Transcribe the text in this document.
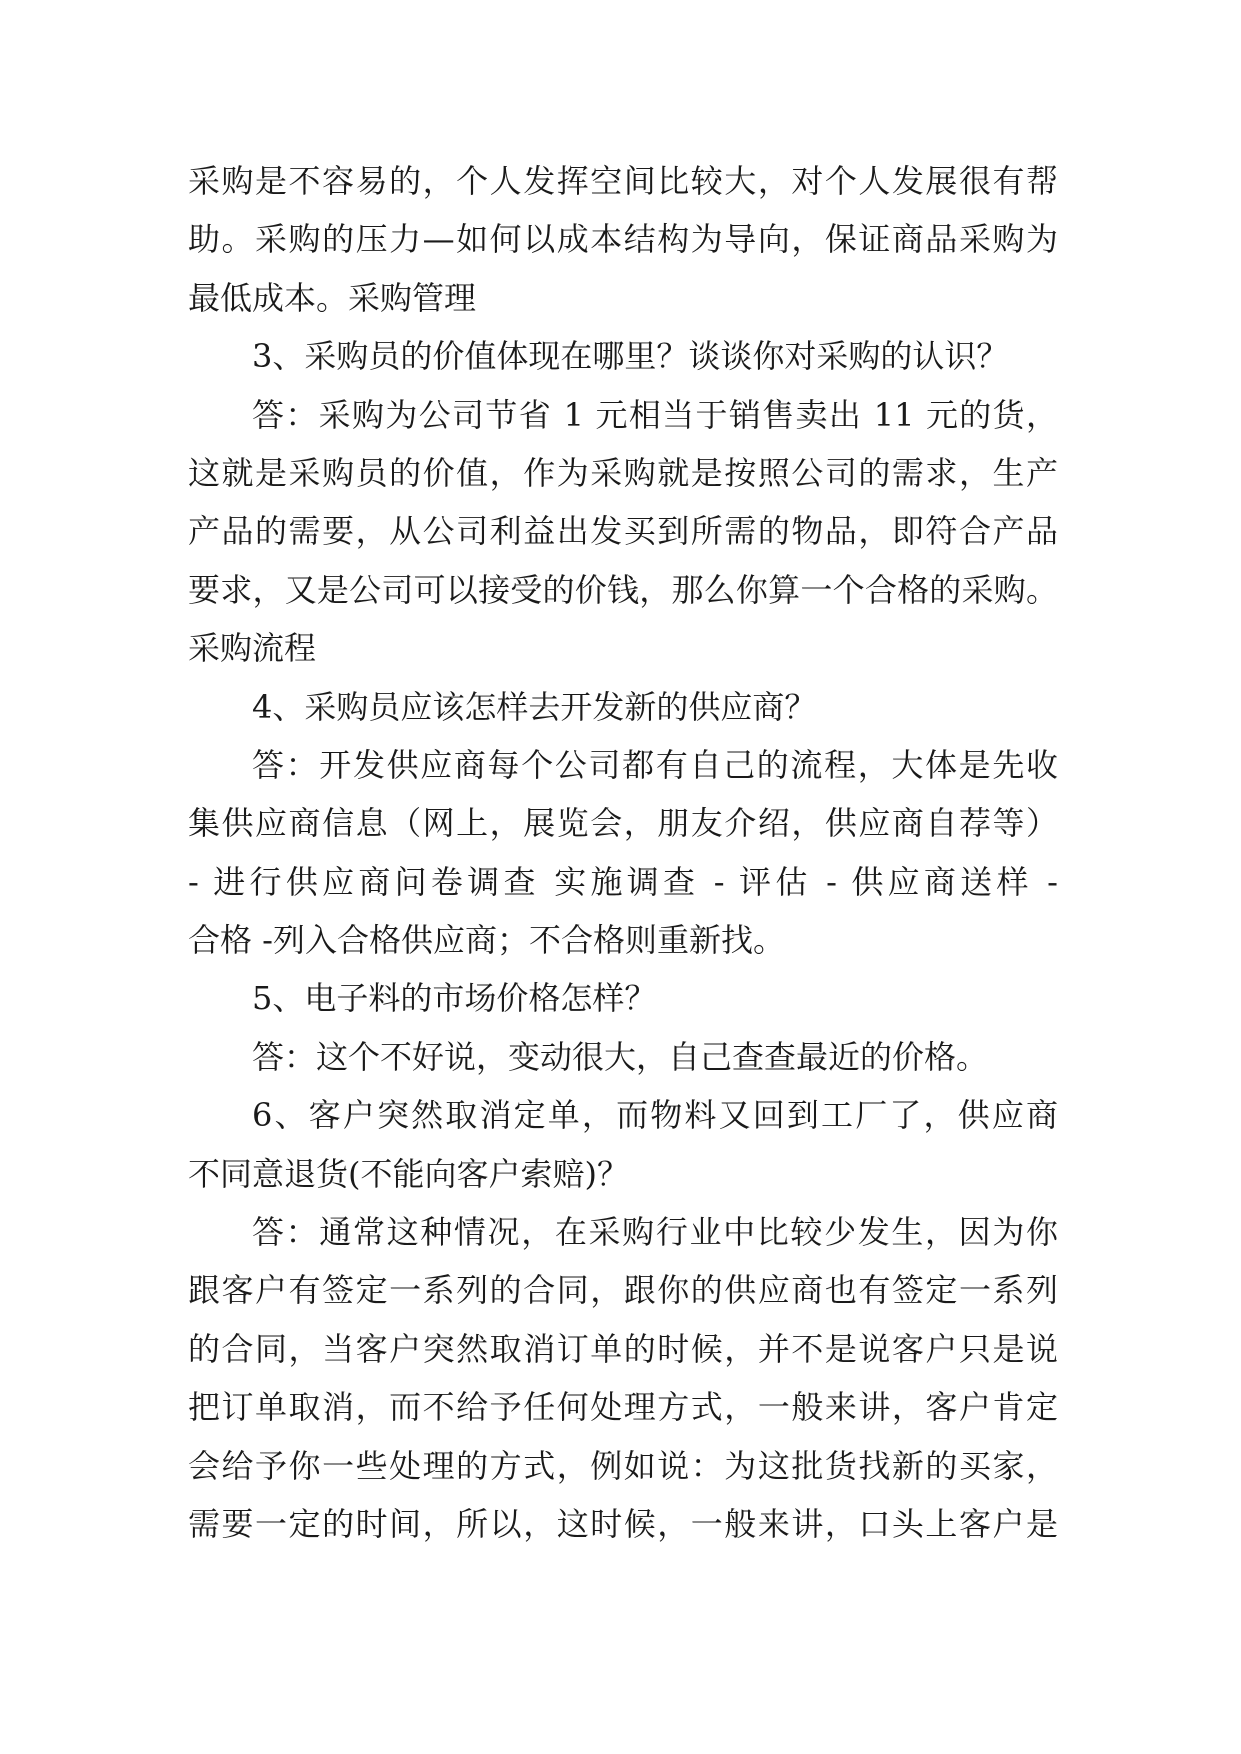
采购是不容易的，个人发挥空间比较大，对个人发展很有帮
助。采购的压力—如何以成本结构为导向，保证商品采购为
最低成本。采购管理
3、采购员的价值体现在哪里？谈谈你对采购的认识？
答：采购为公司节省 1 元相当于销售卖出 11 元的货，
这就是采购员的价值，作为采购就是按照公司的需求，生产
产品的需要，从公司利益出发买到所需的物品，即符合产品
要求，又是公司可以接受的价钱，那么你算一个合格的采购。
采购流程
4、采购员应该怎样去开发新的供应商？
答：开发供应商每个公司都有自己的流程，大体是先收
集供应商信息（网上，展览会，朋友介绍，供应商自荐等）
- 进行供应商问卷调查 实施调查 - 评估 - 供应商送样 -
合格 -列入合格供应商；不合格则重新找。
5、电子料的市场价格怎样？
答：这个不好说，变动很大，自己查查最近的价格。
6、客户突然取消定单，而物料又回到工厂了，供应商
不同意退货(不能向客户索赔)？
答：通常这种情况，在采购行业中比较少发生，因为你
跟客户有签定一系列的合同，跟你的供应商也有签定一系列
的合同，当客户突然取消订单的时候，并不是说客户只是说
把订单取消，而不给予任何处理方式，一般来讲，客户肯定
会给予你一些处理的方式，例如说：为这批货找新的买家，
需要一定的时间，所以，这时候，一般来讲，口头上客户是
